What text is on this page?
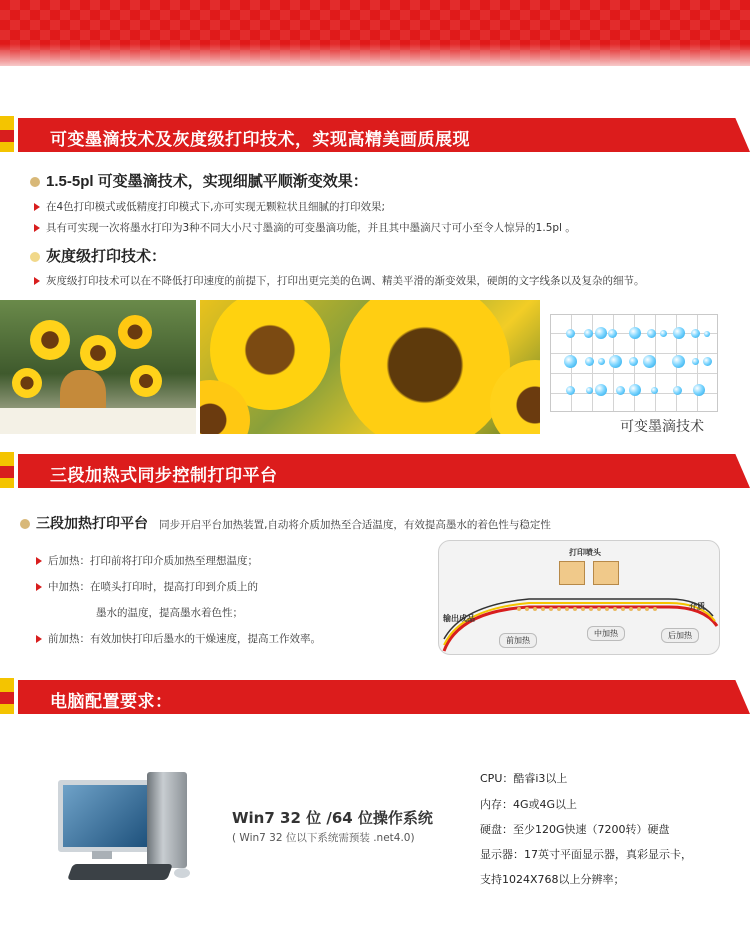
可变墨滴技术及灰度级打印技术，实现高精美画质展现
1.5-5pl 可变墨滴技术，实现细腻平顺渐变效果：
在4色打印模式或低精度打印模式下,亦可实现无颗粒状且细腻的打印效果;
具有可实现一次将墨水打印为3种不同大小尺寸墨滴的可变墨滴功能，并且其中墨滴尺寸可小至令人惊异的1.5pl 。
灰度级打印技术：
灰度级打印技术可以在不降低打印速度的前提下，打印出更完美的色调、精美平滑的渐变效果，硬朗的文字线条以及复杂的细节。
可变墨滴技术
三段加热式同步控制打印平台
三段加热打印平台 同步开启平台加热装置,自动将介质加热至合适温度，有效提高墨水的着色性与稳定性
后加热：打印前将打印介质加热至理想温度；
中加热：在喷头打印时，提高打印到介质上的
墨水的温度，提高墨水着色性；
前加热：有效加快打印后墨水的干燥速度，提高工作效率。
打印喷头
输出成品
介质
前加热
中加热	后加热
电脑配置要求：
Win7 32 位 /64 位操作系统
( Win7 32 位以下系统需预装 .net4.0)
CPU：酷睿i3以上
内存：4G或4G以上
硬盘：至少120G快速（7200转）硬盘
显示器：17英寸平面显示器，真彩显示卡，
支持1024X768以上分辨率；
